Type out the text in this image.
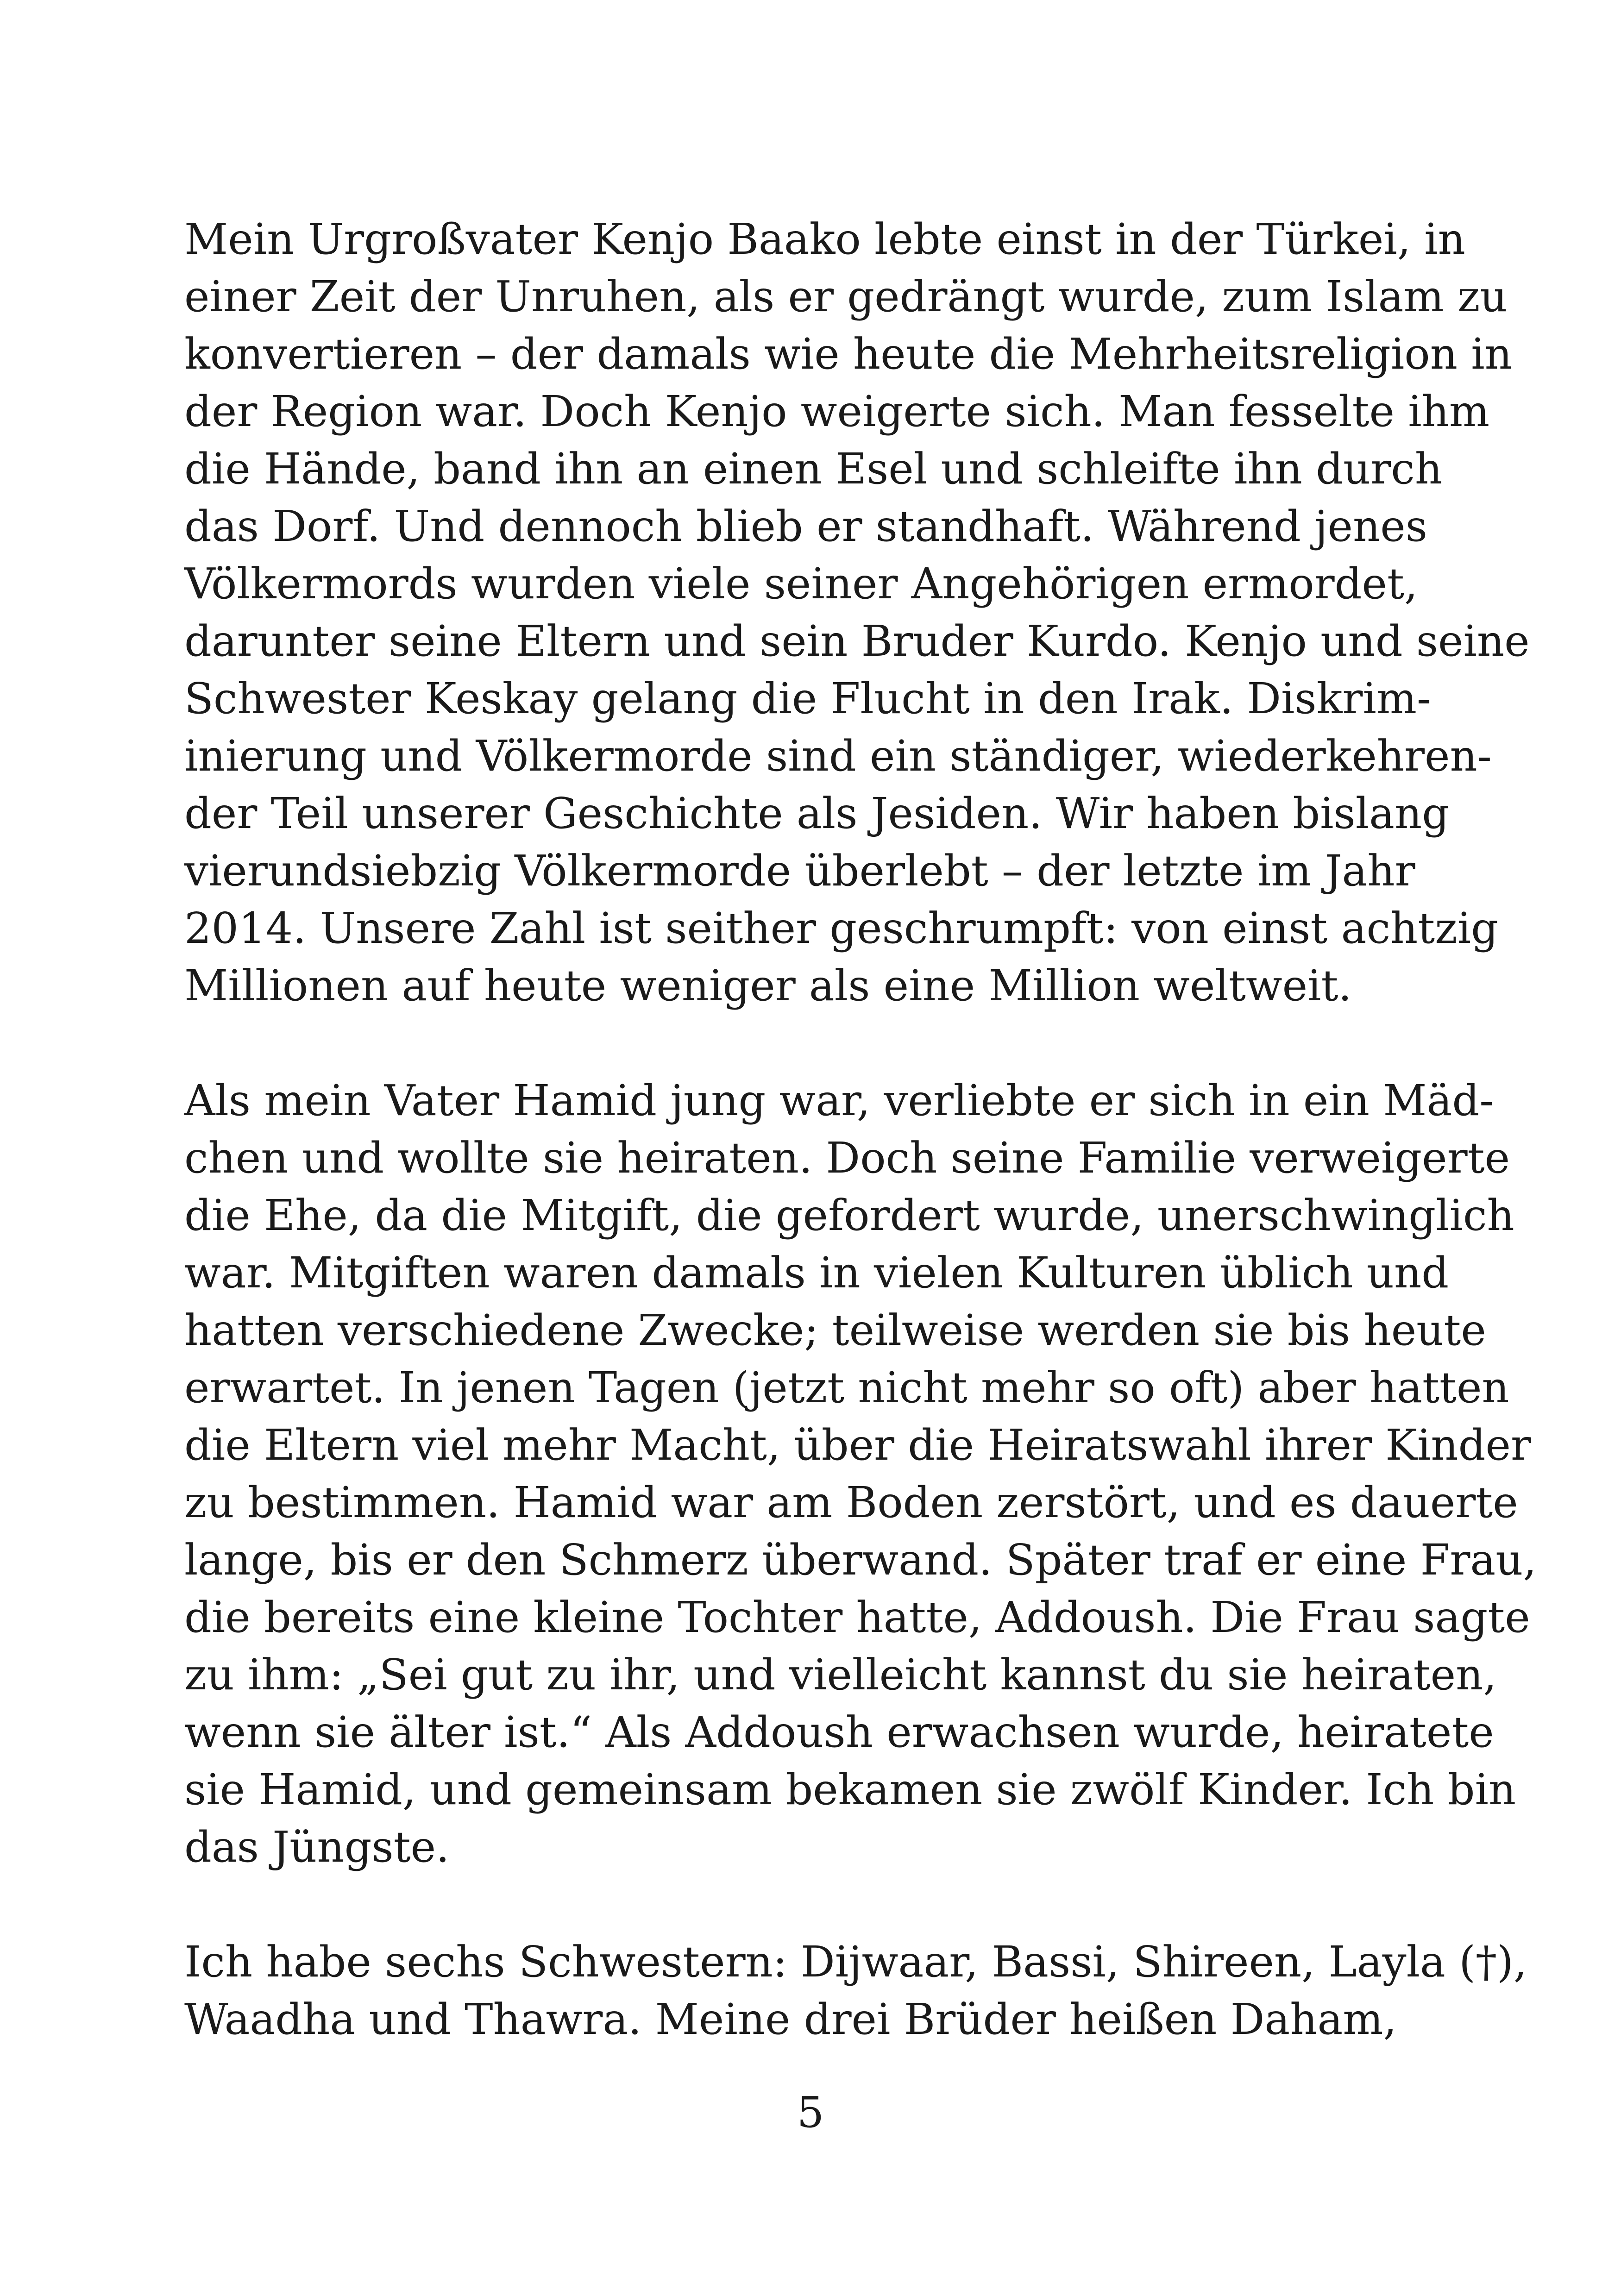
Mein Urgroßvater Kenjo Baako lebte einst in der Türkei, in
einer Zeit der Unruhen, als er gedrängt wurde, zum Islam zu
konvertieren – der damals wie heute die Mehrheitsreligion in
der Region war. Doch Kenjo weigerte sich. Man fesselte ihm
die Hände, band ihn an einen Esel und schleifte ihn durch
das Dorf. Und dennoch blieb er standhaft. Während jenes
Völkermords wurden viele seiner Angehörigen ermordet,
darunter seine Eltern und sein Bruder Kurdo. Kenjo und seine
Schwester Keskay gelang die Flucht in den Irak. Diskrim-
inierung und Völkermorde sind ein ständiger, wiederkehren-
der Teil unserer Geschichte als Jesiden. Wir haben bislang
vierundsiebzig Völkermorde überlebt – der letzte im Jahr
2014. Unsere Zahl ist seither geschrumpft: von einst achtzig
Millionen auf heute weniger als eine Million weltweit.
Als mein Vater Hamid jung war, verliebte er sich in ein Mäd-
chen und wollte sie heiraten. Doch seine Familie verweigerte
die Ehe, da die Mitgift, die gefordert wurde, unerschwinglich
war. Mitgiften waren damals in vielen Kulturen üblich und
hatten verschiedene Zwecke; teilweise werden sie bis heute
erwartet. In jenen Tagen (jetzt nicht mehr so oft) aber hatten
die Eltern viel mehr Macht, über die Heiratswahl ihrer Kinder
zu bestimmen. Hamid war am Boden zerstört, und es dauerte
lange, bis er den Schmerz überwand. Später traf er eine Frau,
die bereits eine kleine Tochter hatte, Addoush. Die Frau sagte
zu ihm: „Sei gut zu ihr, und vielleicht kannst du sie heiraten,
wenn sie älter ist.“ Als Addoush erwachsen wurde, heiratete
sie Hamid, und gemeinsam bekamen sie zwölf Kinder. Ich bin
das Jüngste.
Ich habe sechs Schwestern: Dijwaar, Bassi, Shireen, Layla (†),
Waadha und Thawra. Meine drei Brüder heißen Daham,
5
